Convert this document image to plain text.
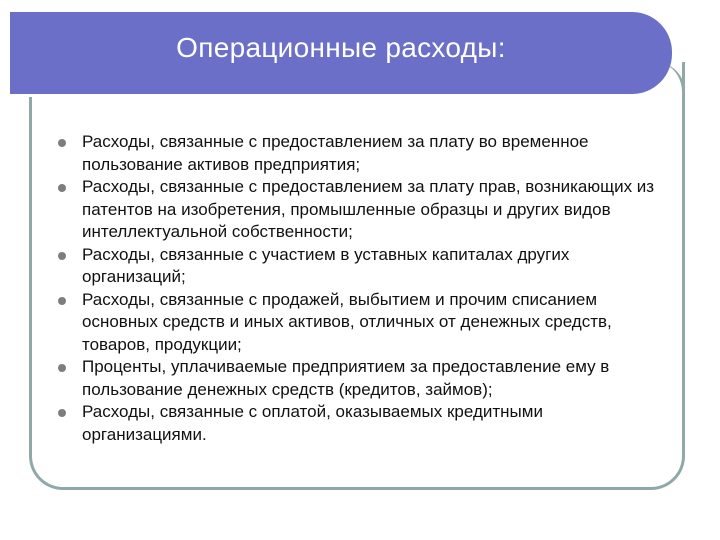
Операционные расходы:
Расходы, связанные с предоставлением за плату во временное пользование активов предприятия;
Расходы, связанные с предоставлением за плату прав, возникающих из патентов на изобретения, промышленные образцы и других видов интеллектуальной собственности;
Расходы, связанные с участием в уставных капиталах других организаций;
Расходы, связанные с продажей, выбытием и прочим списанием основных средств и иных активов, отличных от денежных средств, товаров, продукции;
Проценты, уплачиваемые предприятием за предоставление ему в пользование денежных средств (кредитов, займов);
Расходы, связанные с оплатой, оказываемых кредитными организациями.
